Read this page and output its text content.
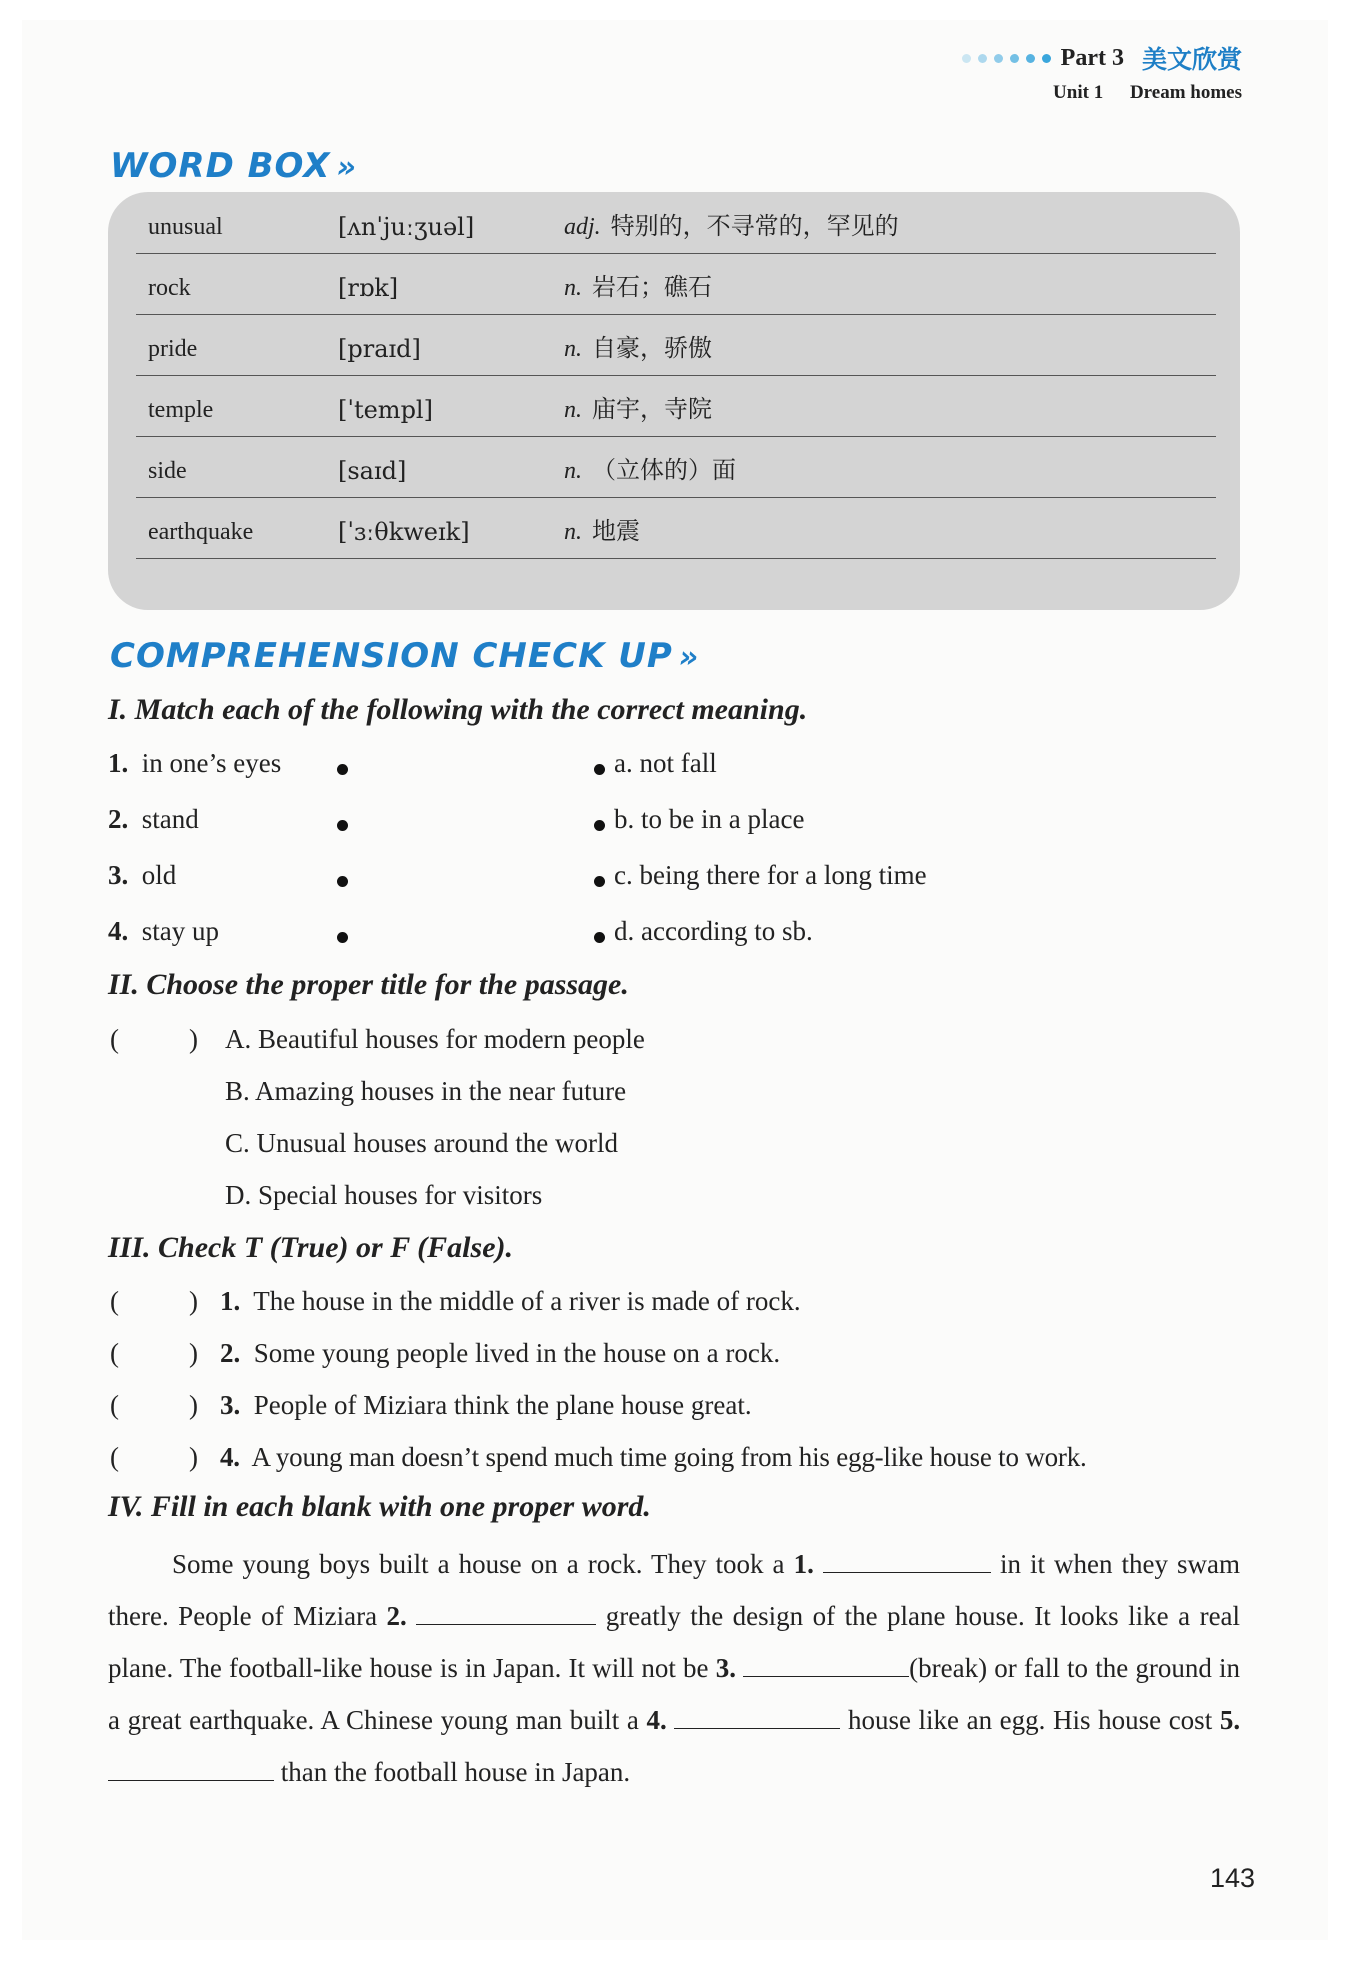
Part 3 美文欣赏
Unit 1 Dream homes
WORD BOX »
unusual	[ʌnˈjuːʒuəl]	adj. 特别的，不寻常的，罕见的
rock	[rɒk]	n. 岩石；礁石
pride	[praɪd]	n. 自豪，骄傲
temple	[ˈtempl]	n. 庙宇，寺院
side	[saɪd]	n. （立体的）面
earthquake	[ˈɜːθkweɪk]	n. 地震
COMPREHENSION CHECK UP »
I. Match each of the following with the correct meaning.
1. in one’s eyes
2. stand
3. old
4. stay up
a. not fall
b. to be in a place
c. being there for a long time
d. according to sb.
II. Choose the proper title for the passage.
(	) A. Beautiful houses for modern people
B. Amazing houses in the near future
C. Unusual houses around the world
D. Special houses for visitors
III. Check T (True) or F (False).
(	) 1. The house in the middle of a river is made of rock.
(	) 2. Some young people lived in the house on a rock.
(	) 3. People of Miziara think the plane house great.
(	) 4. A young man doesn’t spend much time going from his egg-like house to work.
IV. Fill in each blank with one proper word.
Some young boys built a house on a rock. They took a 1.	in it when they swam there. People of Miziara 2.	greatly the design of the plane house. It looks like a real plane. The football-like house is in Japan. It will not be 3.	(break) or fall to the ground in a great earthquake. A Chinese young man built a 4.	house like an egg. His house cost 5.  than the football house in Japan.
143
